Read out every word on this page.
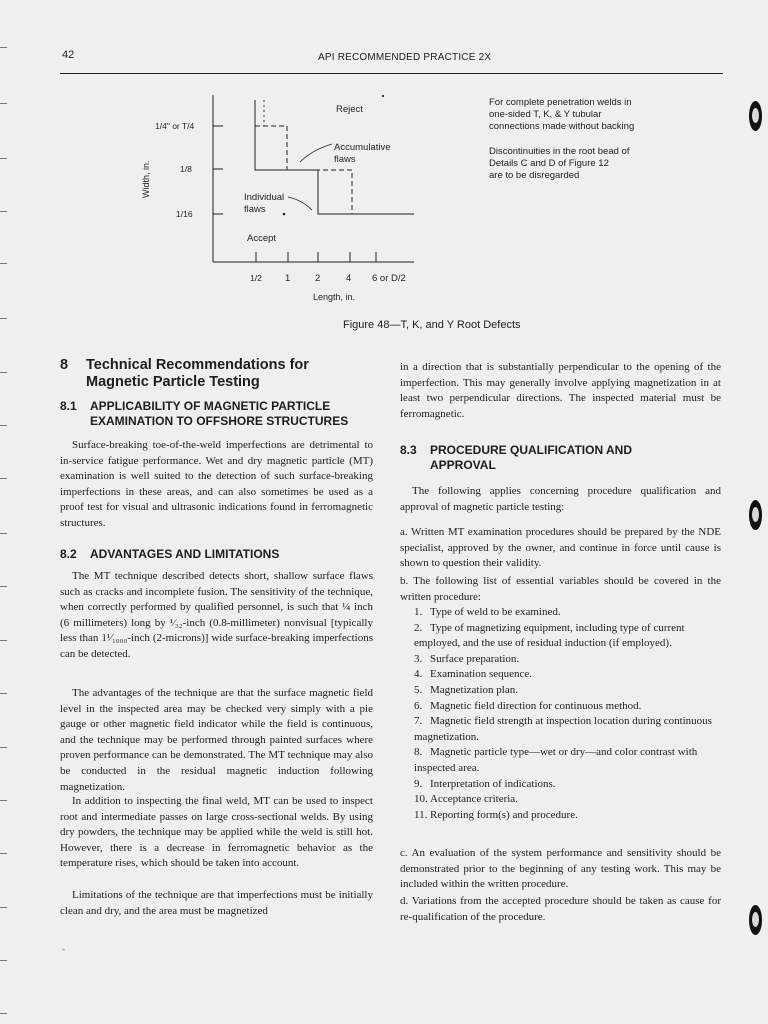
42	API RECOMMENDED PRACTICE 2X
1/4" or T/4
1/8
1/16
Width, in.
1/2 1	2	4 6 or D/2
Length, in.
Reject
Accumulative
flaws
Individual
flaws
Accept
For complete penetration welds in
one-sided T, K, & Y tubular
connections made without backing
Discontinuities in the root bead of
Details C and D of Figure 12
are to be disregarded
Figure 48—T, K, and Y Root Defects
8 Technical Recommendations for
Magnetic Particle Testing
8.1 APPLICABILITY OF MAGNETIC PARTICLE
EXAMINATION TO OFFSHORE STRUCTURES

Surface-breaking toe-of-the-weld imperfections are detrimental to in-service fatigue performance. Wet and dry magnetic particle (MT) examination is well suited to the detection of such surface-breaking imperfections in these areas, and can also sometimes be used as a proof test for visual and ultrasonic indications found in ferromagnetic structures.

8.2 ADVANTAGES AND LIMITATIONS

The MT technique described detects short, shallow surface flaws such as cracks and incomplete fusion. The sensitivity of the technique, when correctly performed by qualified personnel, is such that ¼ inch (6 millimeters) long by ¹⁄₃₂-inch (0.8-millimeter) nonvisual [typically less than 1¹⁄₁₀₀₀-inch (2-microns)] wide surface-breaking imperfections can be detected.

The advantages of the technique are that the surface magnetic field level in the inspected area may be checked very simply with a pie gauge or other magnetic field indicator while the field is continuous, and the technique may be performed through painted surfaces where proven performance can be demonstrated. The MT technique may also be conducted in the residual magnetic induction following magnetization.

In addition to inspecting the final weld, MT can be used to inspect root and intermediate passes on large cross-sectional welds. By using dry powders, the technique may be applied while the weld is still hot. However, there is a decrease in ferromagnetic behavior as the temperature rises, which should be taken into account.

Limitations of the technique are that imperfections must be initially clean and dry, and the area must be magnetized

in a direction that is substantially perpendicular to the opening of the imperfection. This may generally involve applying magnetization in at least two perpendicular directions. The inspected material must be ferromagnetic.

8.3 PROCEDURE QUALIFICATION AND
APPROVAL

The following applies concerning procedure qualification and approval of magnetic particle testing:

a. Written MT examination procedures should be prepared by the NDE specialist, approved by the owner, and continue in force until cause is shown to question their validity.

b. The following list of essential variables should be covered in the written procedure:

1. Type of weld to be examined.

2. Type of magnetizing equipment, including type of current employed, and the use of residual induction (if employed).

3. Surface preparation.

4. Examination sequence.

5. Magnetization plan.

6. Magnetic field direction for continuous method.

7. Magnetic field strength at inspection location during continuous magnetization.

8. Magnetic particle type—wet or dry—and color contrast with inspected area.

9. Interpretation of indications.

10. Acceptance criteria.

11. Reporting form(s) and procedure.

c. An evaluation of the system performance and sensitivity should be demonstrated prior to the beginning of any testing work. This may be included within the written procedure.

d. Variations from the accepted procedure should be taken as cause for re-qualification of the procedure.

-
